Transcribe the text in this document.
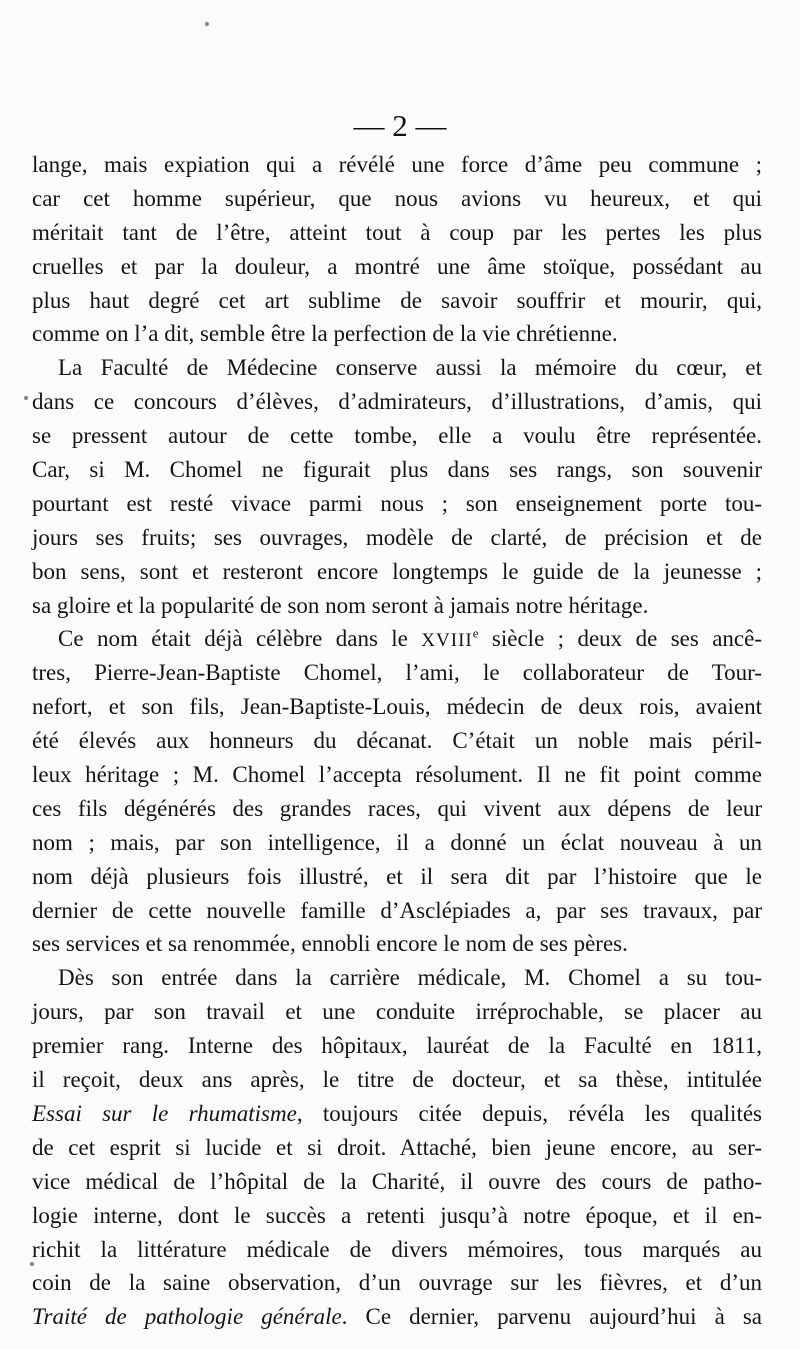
— 2 —
lange, mais expiation qui a révélé une force d’âme peu commune ;
car cet homme supérieur, que nous avions vu heureux, et qui
méritait tant de l’être, atteint tout à coup par les pertes les plus
cruelles et par la douleur, a montré une âme stoïque, possédant au
plus haut degré cet art sublime de savoir souffrir et mourir, qui,
comme on l’a dit, semble être la perfection de la vie chrétienne.
La Faculté de Médecine conserve aussi la mémoire du cœur, et
dans ce concours d’élèves, d’admirateurs, d’illustrations, d’amis, qui
se pressent autour de cette tombe, elle a voulu être représentée.
Car, si M. Chomel ne figurait plus dans ses rangs, son souvenir
pourtant est resté vivace parmi nous ; son enseignement porte tou-
jours ses fruits; ses ouvrages, modèle de clarté, de précision et de
bon sens, sont et resteront encore longtemps le guide de la jeunesse ;
sa gloire et la popularité de son nom seront à jamais notre héritage.
Ce nom était déjà célèbre dans le XVIIIe siècle ; deux de ses ancê-
tres, Pierre-Jean-Baptiste Chomel, l’ami, le collaborateur de Tour-
nefort, et son fils, Jean-Baptiste-Louis, médecin de deux rois, avaient
été élevés aux honneurs du décanat. C’était un noble mais péril-
leux héritage ; M. Chomel l’accepta résolument. Il ne fit point comme
ces fils dégénérés des grandes races, qui vivent aux dépens de leur
nom ; mais, par son intelligence, il a donné un éclat nouveau à un
nom déjà plusieurs fois illustré, et il sera dit par l’histoire que le
dernier de cette nouvelle famille d’Asclépiades a, par ses travaux, par
ses services et sa renommée, ennobli encore le nom de ses pères.
Dès son entrée dans la carrière médicale, M. Chomel a su tou-
jours, par son travail et une conduite irréprochable, se placer au
premier rang. Interne des hôpitaux, lauréat de la Faculté en 1811,
il reçoit, deux ans après, le titre de docteur, et sa thèse, intitulée
Essai sur le rhumatisme, toujours citée depuis, révéla les qualités
de cet esprit si lucide et si droit. Attaché, bien jeune encore, au ser-
vice médical de l’hôpital de la Charité, il ouvre des cours de patho-
logie interne, dont le succès a retenti jusqu’à notre époque, et il en-
richit la littérature médicale de divers mémoires, tous marqués au
coin de la saine observation, d’un ouvrage sur les fièvres, et d’un
Traité de pathologie générale. Ce dernier, parvenu aujourd’hui à sa
